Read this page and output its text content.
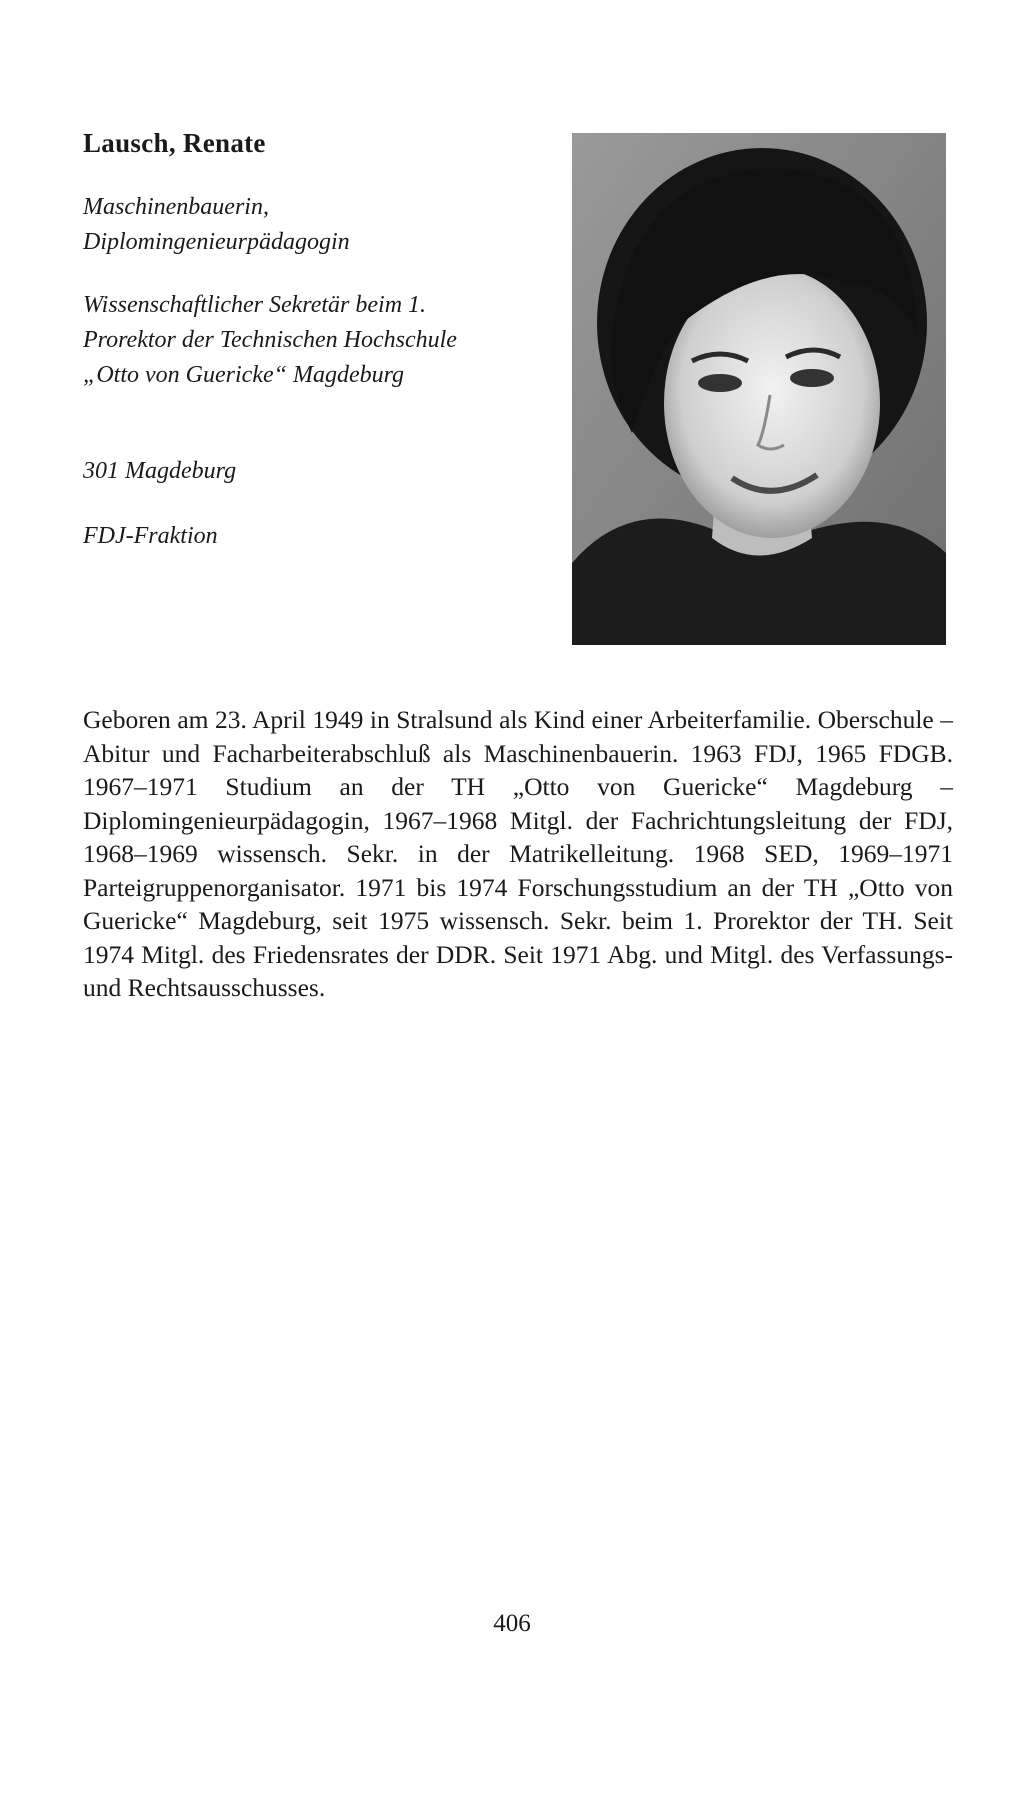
Lausch, Renate

Maschinenbauerin, Diplomingenieurpädagogin

Wissenschaftlicher Sekretär beim 1. Prorektor der Technischen Hochschule „Otto von Guericke“ Magdeburg

301 Magdeburg

FDJ-Fraktion

Geboren am 23. April 1949 in Stralsund als Kind einer Arbeiterfamilie. Oberschule – Abitur und Facharbeiterabschluß als Maschinenbauerin. 1963 FDJ, 1965 FDGB. 1967–1971 Studium an der TH „Otto von Guericke“ Magdeburg – Diplomingenieurpädagogin, 1967–1968 Mitgl. der Fachrichtungsleitung der FDJ, 1968–1969 wissensch. Sekr. in der Matrikelleitung. 1968 SED, 1969–1971 Parteigruppenorganisator. 1971 bis 1974 Forschungsstudium an der TH „Otto von Guericke“ Magdeburg, seit 1975 wissensch. Sekr. beim 1. Prorektor der TH. Seit 1974 Mitgl. des Friedensrates der DDR. Seit 1971 Abg. und Mitgl. des Verfassungs- und Rechtsausschusses.

406
